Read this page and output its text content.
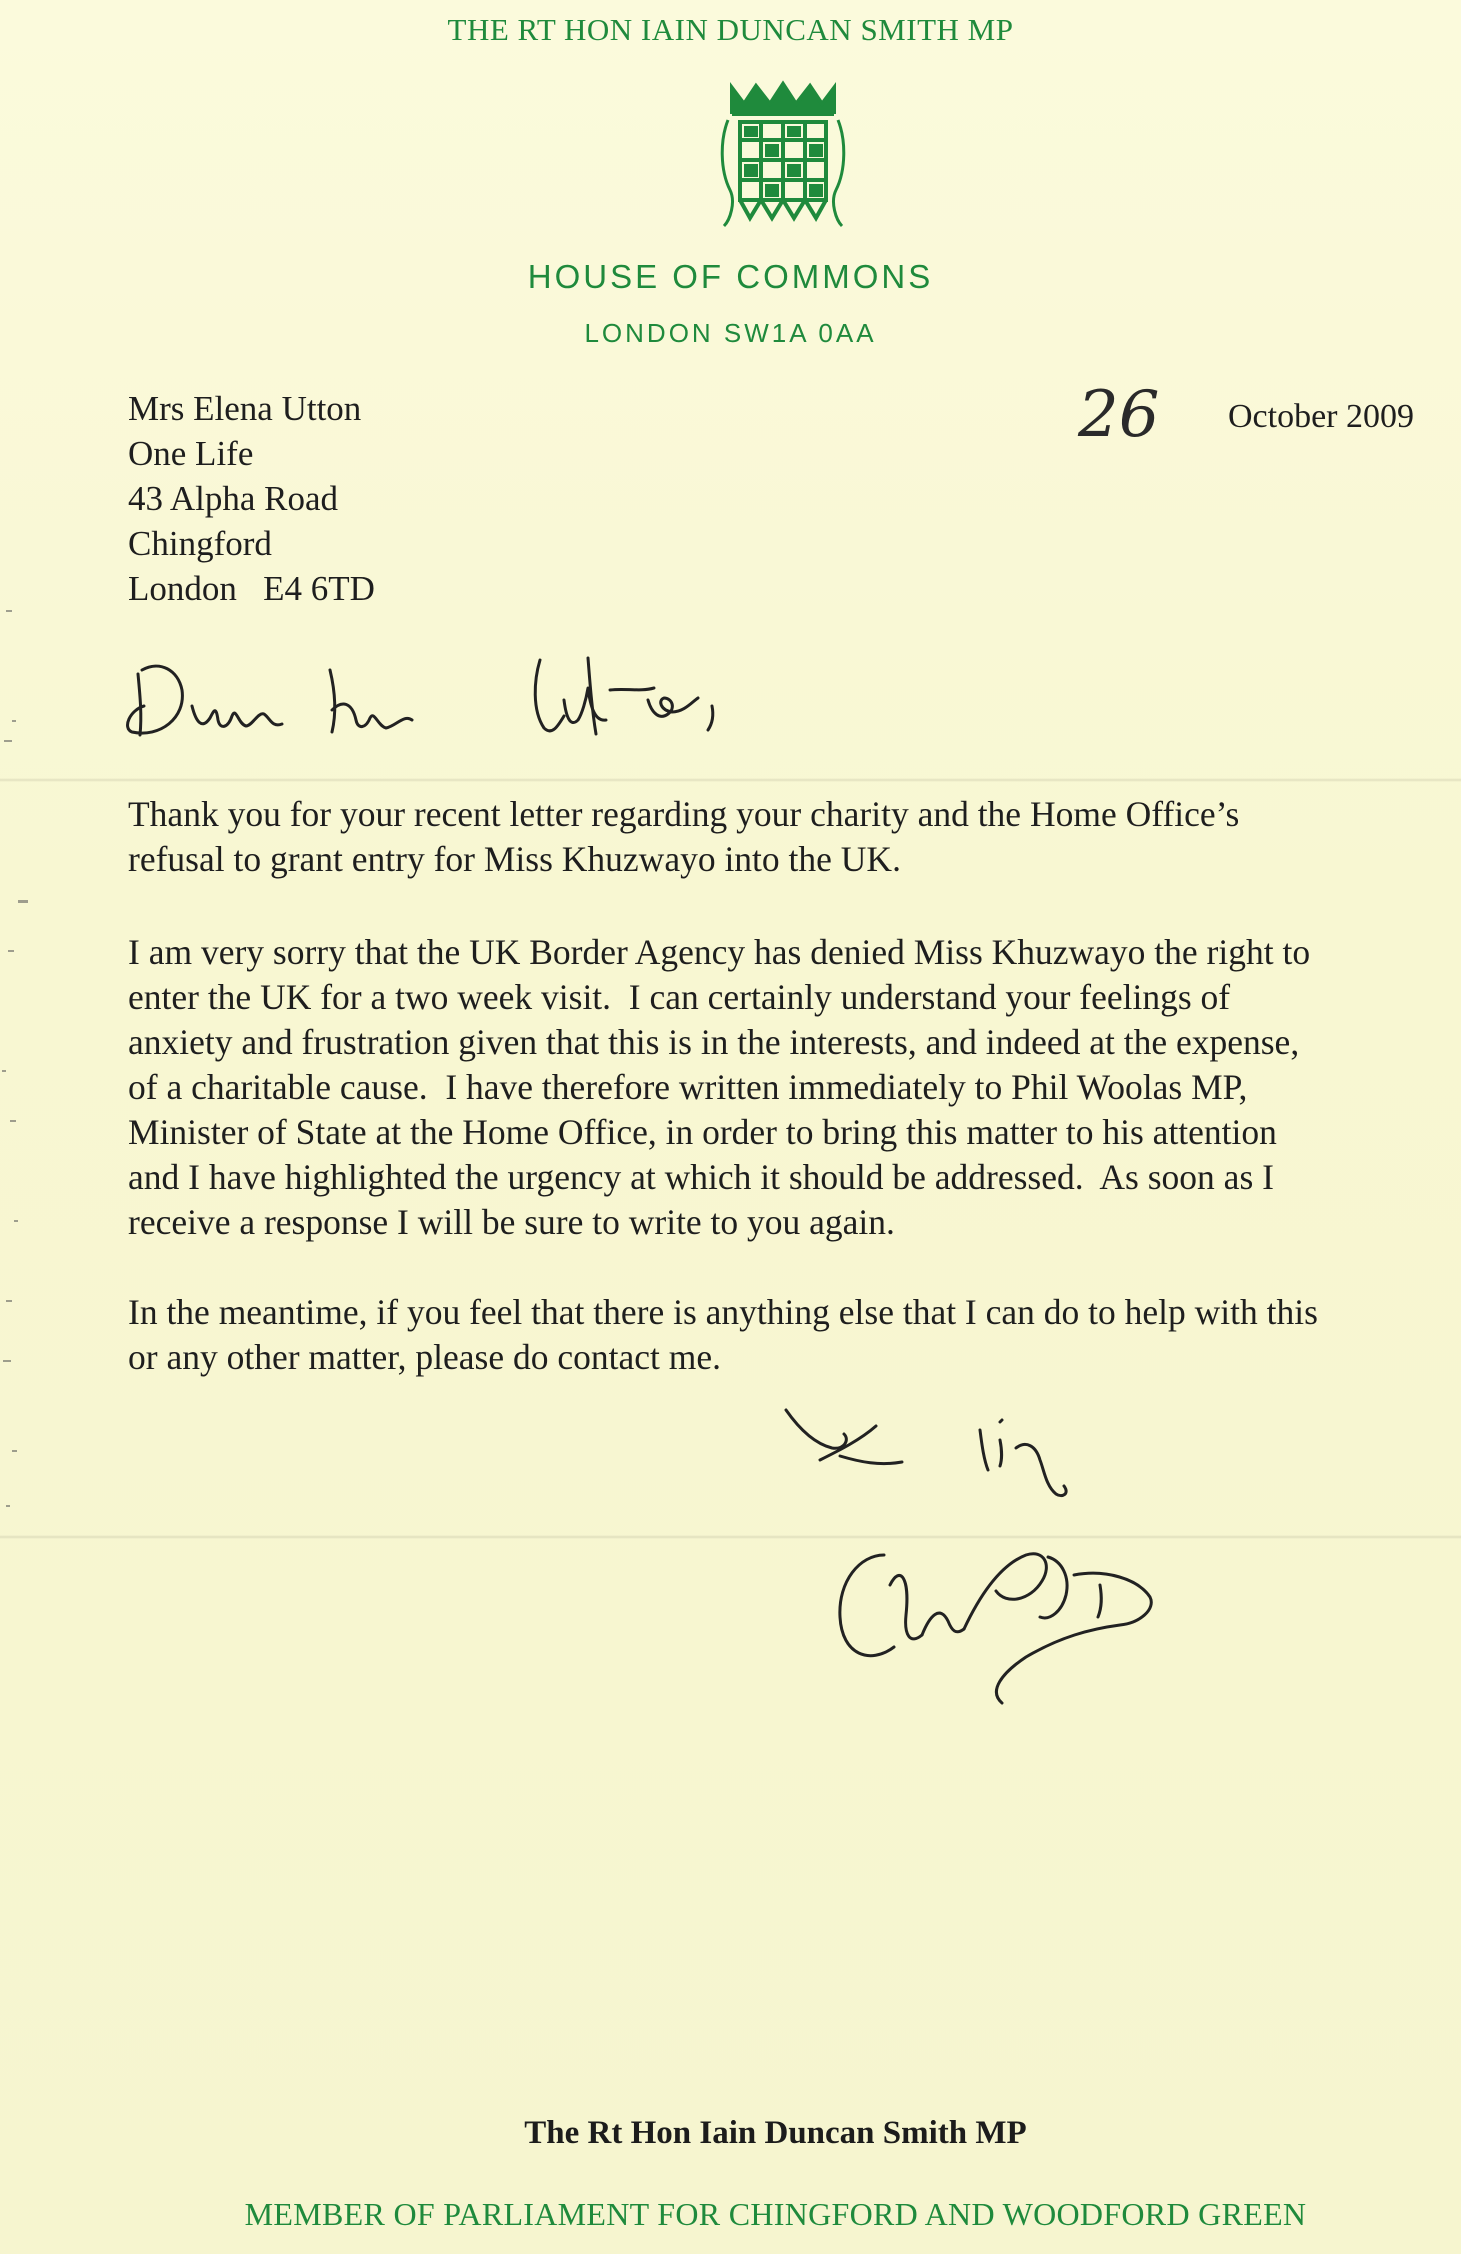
THE RT HON IAIN DUNCAN SMITH MP
HOUSE OF COMMONS
LONDON SW1A 0AA
Mrs Elena Utton
One Life
43 Alpha Road
Chingford
London   E4 6TD
26 October 2009
Dear Mrs Utton,
Thank you for your recent letter regarding your charity and the Home Office’s
refusal to grant entry for Miss Khuzwayo into the UK.
I am very sorry that the UK Border Agency has denied Miss Khuzwayo the right to
enter the UK for a two week visit.  I can certainly understand your feelings of
anxiety and frustration given that this is in the interests, and indeed at the expense,
of a charitable cause.  I have therefore written immediately to Phil Woolas MP,
Minister of State at the Home Office, in order to bring this matter to his attention
and I have highlighted the urgency at which it should be addressed.  As soon as I
receive a response I will be sure to write to you again.
In the meantime, if you feel that there is anything else that I can do to help with this
or any other matter, please do contact me.
Yours sincerely,
Iain
The Rt Hon Iain Duncan Smith MP
MEMBER OF PARLIAMENT FOR CHINGFORD AND WOODFORD GREEN
